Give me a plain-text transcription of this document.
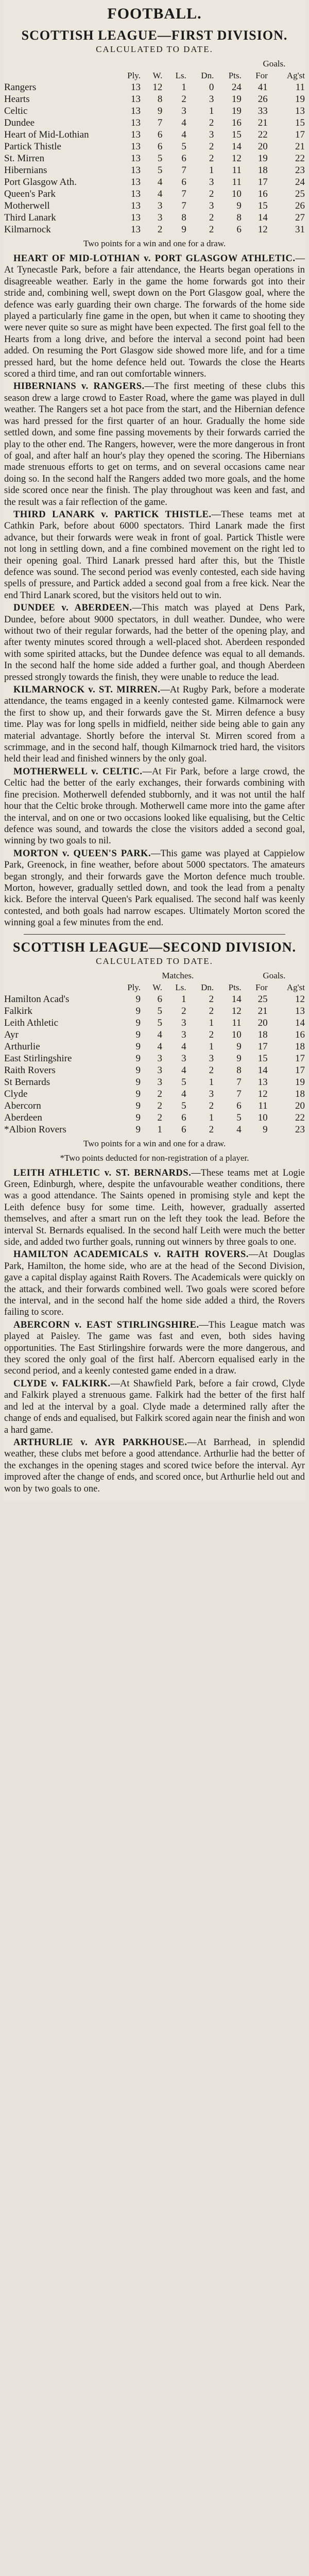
FOOTBALL.
SCOTTISH LEAGUE—FIRST DIVISION.
CALCULATED TO DATE.
						Goals.	
	Ply.	W.	Ls.	Dn.	Pts.	For	Ag'st
Rangers	13	12	1	0	24	41	11
Hearts	13	8	2	3	19	26	19
Celtic	13	9	3	1	19	33	13
Dundee	13	7	4	2	16	21	15
Heart of Mid-Lothian	13	6	4	3	15	22	17
Partick Thistle	13	6	5	2	14	20	21
St. Mirren	13	5	6	2	12	19	22
Hibernians	13	5	7	1	11	18	23
Port Glasgow Ath.	13	4	6	3	11	17	24
Queen's Park	13	4	7	2	10	16	25
Motherwell	13	3	7	3	9	15	26
Third Lanark	13	3	8	2	8	14	27
Kilmarnock	13	2	9	2	6	12	31
Two points for a win and one for a draw.

HEART OF MID-LOTHIAN v. PORT GLASGOW ATHLETIC.—At Tynecastle Park, before a fair attendance, the Hearts began operations in disagreeable weather. Early in the game the home forwards got into their stride and, combining well, swept down on the Port Glasgow goal, where the defence was early guarding their own charge. The forwards of the home side played a particularly fine game in the open, but when it came to shooting they were never quite so sure as might have been expected. The first goal fell to the Hearts from a long drive, and before the interval a second point had been added. On resuming the Port Glasgow side showed more life, and for a time pressed hard, but the home defence held out. Towards the close the Hearts scored a third time, and ran out comfortable winners.

HIBERNIANS v. RANGERS.—The first meeting of these clubs this season drew a large crowd to Easter Road, where the game was played in dull weather. The Rangers set a hot pace from the start, and the Hibernian defence was hard pressed for the first quarter of an hour. Gradually the home side settled down, and some fine passing movements by their forwards carried the play to the other end. The Rangers, however, were the more dangerous in front of goal, and after half an hour's play they opened the scoring. The Hibernians made strenuous efforts to get on terms, and on several occasions came near doing so. In the second half the Rangers added two more goals, and the home side scored once near the finish. The play throughout was keen and fast, and the result was a fair reflection of the game.

THIRD LANARK v. PARTICK THISTLE.—These teams met at Cathkin Park, before about 6000 spectators. Third Lanark made the first advance, but their forwards were weak in front of goal. Partick Thistle were not long in settling down, and a fine combined movement on the right led to their opening goal. Third Lanark pressed hard after this, but the Thistle defence was sound. The second period was evenly contested, each side having spells of pressure, and Partick added a second goal from a free kick. Near the end Third Lanark scored, but the visitors held out to win.

DUNDEE v. ABERDEEN.—This match was played at Dens Park, Dundee, before about 9000 spectators, in dull weather. Dundee, who were without two of their regular forwards, had the better of the opening play, and after twenty minutes scored through a well-placed shot. Aberdeen responded with some spirited attacks, but the Dundee defence was equal to all demands. In the second half the home side added a further goal, and though Aberdeen pressed strongly towards the finish, they were unable to reduce the lead.

KILMARNOCK v. ST. MIRREN.—At Rugby Park, before a moderate attendance, the teams engaged in a keenly contested game. Kilmarnock were the first to show up, and their forwards gave the St. Mirren defence a busy time. Play was for long spells in midfield, neither side being able to gain any material advantage. Shortly before the interval St. Mirren scored from a scrimmage, and in the second half, though Kilmarnock tried hard, the visitors held their lead and finished winners by the only goal.

MOTHERWELL v. CELTIC.—At Fir Park, before a large crowd, the Celtic had the better of the early exchanges, their forwards combining with fine precision. Motherwell defended stubbornly, and it was not until the half hour that the Celtic broke through. Motherwell came more into the game after the interval, and on one or two occasions looked like equalising, but the Celtic defence was sound, and towards the close the visitors added a second goal, winning by two goals to nil.

MORTON v. QUEEN'S PARK.—This game was played at Cappielow Park, Greenock, in fine weather, before about 5000 spectators. The amateurs began strongly, and their forwards gave the Morton defence much trouble. Morton, however, gradually settled down, and took the lead from a penalty kick. Before the interval Queen's Park equalised. The second half was keenly contested, and both goals had narrow escapes. Ultimately Morton scored the winning goal a few minutes from the end.

SCOTTISH LEAGUE—SECOND DIVISION.
CALCULATED TO DATE.
	Matches.					Goals.	
	Ply.	W.	Ls.	Dn.	Pts.	For	Ag'st
Hamilton Acad's	9	6	1	2	14	25	12
Falkirk	9	5	2	2	12	21	13
Leith Athletic	9	5	3	1	11	20	14
Ayr	9	4	3	2	10	18	16
Arthurlie	9	4	4	1	9	17	18
East Stirlingshire	9	3	3	3	9	15	17
Raith Rovers	9	3	4	2	8	14	17
St Bernards	9	3	5	1	7	13	19
Clyde	9	2	4	3	7	12	18
Abercorn	9	2	5	2	6	11	20
Aberdeen	9	2	6	1	5	10	22
*Albion Rovers	9	1	6	2	4	9	23
Two points for a win and one for a draw.
*Two points deducted for non-registration of a player.

LEITH ATHLETIC v. ST. BERNARDS.—These teams met at Logie Green, Edinburgh, where, despite the unfavourable weather conditions, there was a good attendance. The Saints opened in promising style and kept the Leith defence busy for some time. Leith, however, gradually asserted themselves, and after a smart run on the left they took the lead. Before the interval St. Bernards equalised. In the second half Leith were much the better side, and added two further goals, running out winners by three goals to one.

HAMILTON ACADEMICALS v. RAITH ROVERS.—At Douglas Park, Hamilton, the home side, who are at the head of the Second Division, gave a capital display against Raith Rovers. The Academicals were quickly on the attack, and their forwards combined well. Two goals were scored before the interval, and in the second half the home side added a third, the Rovers failing to score.

ABERCORN v. EAST STIRLINGSHIRE.—This League match was played at Paisley. The game was fast and even, both sides having opportunities. The East Stirlingshire forwards were the more dangerous, and they scored the only goal of the first half. Abercorn equalised early in the second period, and a keenly contested game ended in a draw.

CLYDE v. FALKIRK.—At Shawfield Park, before a fair crowd, Clyde and Falkirk played a strenuous game. Falkirk had the better of the first half and led at the interval by a goal. Clyde made a determined rally after the change of ends and equalised, but Falkirk scored again near the finish and won a hard game.

ARTHURLIE v. AYR PARKHOUSE.—At Barrhead, in splendid weather, these clubs met before a good attendance. Arthurlie had the better of the exchanges in the opening stages and scored twice before the interval. Ayr improved after the change of ends, and scored once, but Arthurlie held out and won by two goals to one.
